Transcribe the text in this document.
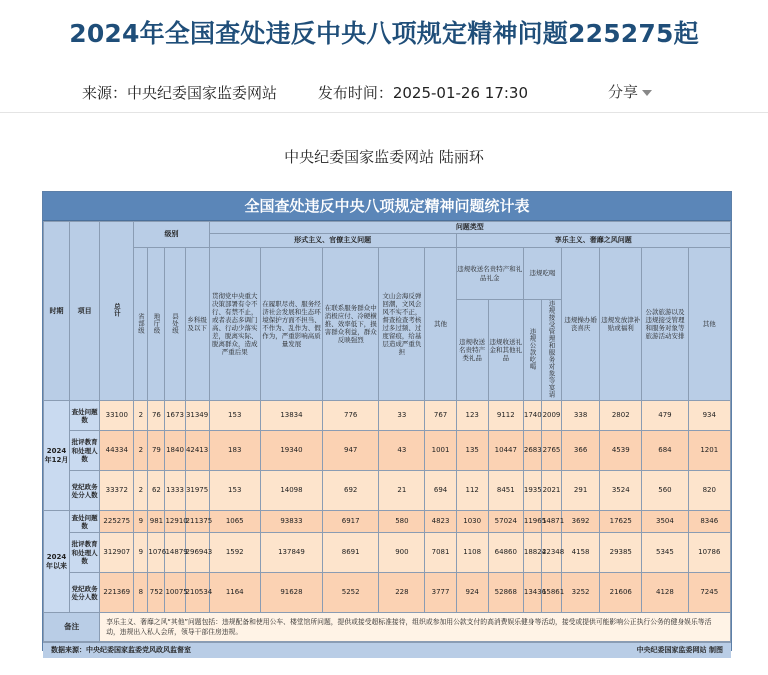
2024年全国查处违反中央八项规定精神问题225275起
来源：中央纪委国家监委网站	发布时间：2025-01-26 17:30	分享
中央纪委国家监委网站 陆丽环
全国查处违反中央八项规定精神问题统计表
时期	项目	总计	级别				问题类型												
							形式主义、官僚主义问题					享乐主义、奢靡之风问题							
			省部级	地厅级	县处级	乡科级及以下	贯彻党中央重大决策部署有令不行、有禁不止，或者表态多调门高、行动少落实差，脱离实际、脱离群众，造成严重后果	在履职尽责、服务经济社会发展和生态环境保护方面不担当、不作为、乱作为、假作为，严重影响高质量发展	在联系服务群众中消极应付、冷硬横推、效率低下，损害群众利益，群众反映强烈	文山会海反弹回潮，文风会风不实不正，督查检查考核过多过频、过度留痕，给基层造成严重负担	其他	违规收送名贵特产和礼品礼金		违规吃喝		违规操办婚丧喜庆	违规发放津补贴或福利	公款旅游以及违规接受管理和服务对象等旅游活动安排	其他
												违规收送名贵特产类礼品	违规收送礼金和其他礼品	违规公款吃喝	违规接受管理和服务对象等宴请				
2024年12月	查处问题数	33100	2	76	1673	31349	153	13834	776	33	767	123	9112	1740	2009	338	2802	479	934
	批评教育和处理人数	44334	2	79	1840	42413	183	19340	947	43	1001	135	10447	2683	2765	366	4539	684	1201
	党纪政务处分人数	33372	2	62	1333	31975	153	14098	692	21	694	112	8451	1935	2021	291	3524	560	820
2024年以来	查处问题数	225275	9	981	12910	211375	1065	93833	6917	580	4823	1030	57024	11965	14871	3692	17625	3504	8346
	批评教育和处理人数	312907	9	1076	14879	296943	1592	137849	8691	900	7081	1108	64860	18824	22348	4158	29385	5345	10786
	党纪政务处分人数	221369	8	752	10075	210534	1164	91628	5252	228	3777	924	52868	13436	15861	3252	21606	4128	7245
备注		享乐主义、奢靡之风“其他”问题包括：违规配备和使用公车、楼堂馆所问题，提供或接受超标准接待，组织或参加用公款支付的高消费娱乐健身等活动，接受或提供可能影响公正执行公务的健身娱乐等活动，违规出入私人会所，领导干部住房违规。																	
数据来源：中央纪委国家监委党风政风监督室	中央纪委国家监委网站 制图
